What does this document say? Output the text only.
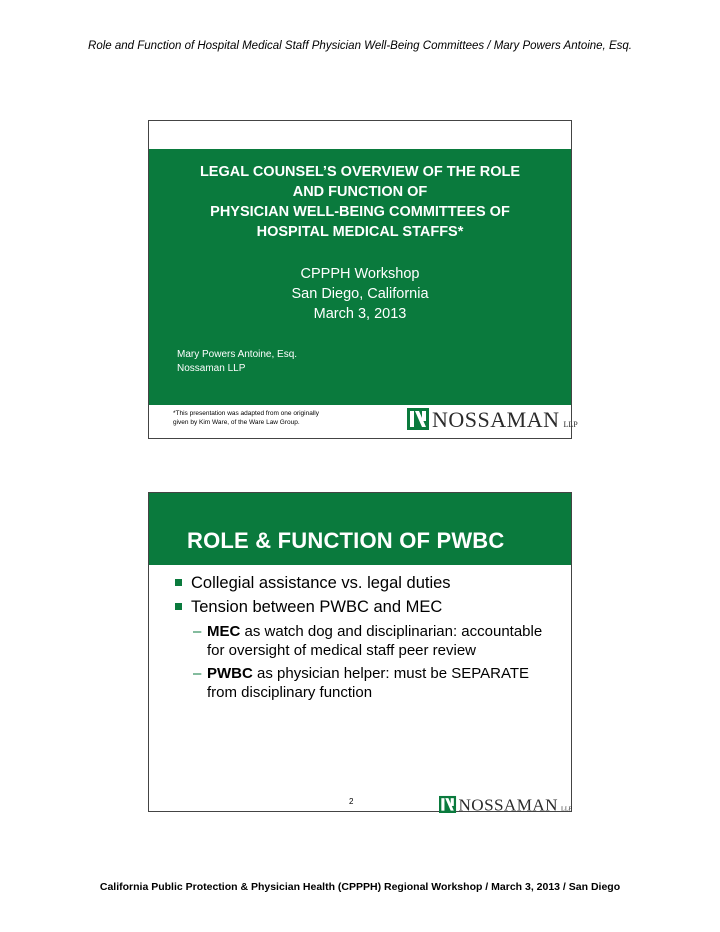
Role and Function of Hospital Medical Staff Physician Well-Being Committees / Mary Powers Antoine, Esq.
LEGAL COUNSEL’S OVERVIEW OF THE ROLE
AND FUNCTION OF
PHYSICIAN WELL-BEING COMMITTEES OF
HOSPITAL MEDICAL STAFFS*
CPPPH Workshop
San Diego, California
March 3, 2013
Mary Powers Antoine, Esq.
Nossaman LLP
*This presentation was adapted from one originally
given by Kim Ware, of the Ware Law Group.	NOSSAMAN LLP
ROLE & FUNCTION OF PWBC
Collegial assistance vs. legal duties
Tension between PWBC and MEC
– MEC as watch dog and disciplinarian: accountable for oversight of medical staff peer review
– PWBC as physician helper: must be SEPARATE from disciplinary function
2	NOSSAMAN LLP
California Public Protection & Physician Health (CPPPH) Regional Workshop / March 3, 2013 / San Diego
